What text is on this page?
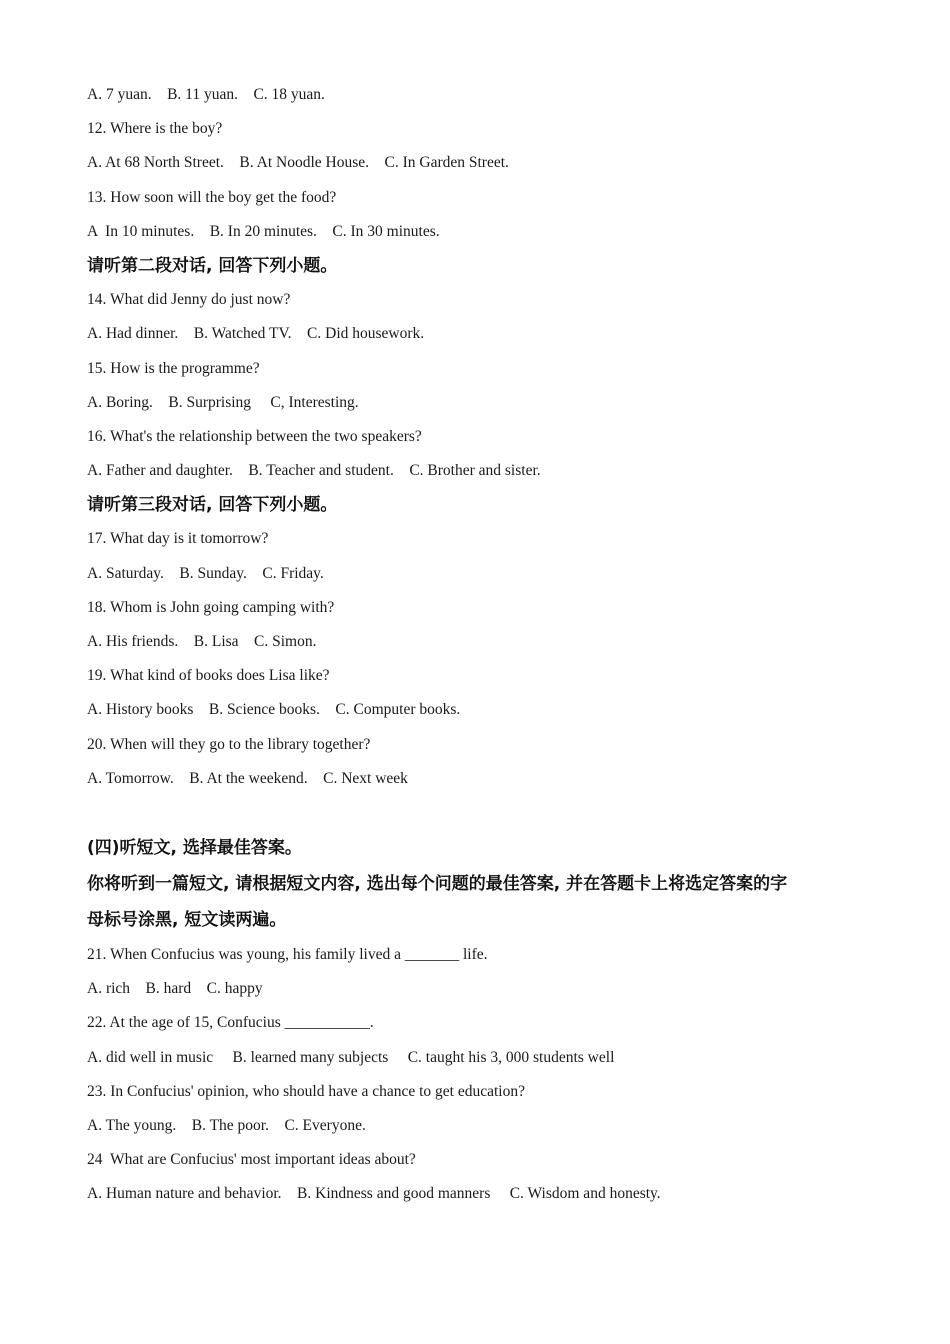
A. 7 yuan.    B. 11 yuan.    C. 18 yuan.
12. Where is the boy?
A. At 68 North Street.    B. At Noodle House.    C. In Garden Street.
13. How soon will the boy get the food?
A  In 10 minutes.    B. In 20 minutes.    C. In 30 minutes.
请听第二段对话, 回答下列小题。
14. What did Jenny do just now?
A. Had dinner.    B. Watched TV.    C. Did housework.
15. How is the programme?
A. Boring.    B. Surprising     C, Interesting.
16. What's the relationship between the two speakers?
A. Father and daughter.    B. Teacher and student.    C. Brother and sister.
请听第三段对话, 回答下列小题。
17. What day is it tomorrow?
A. Saturday.    B. Sunday.    C. Friday.
18. Whom is John going camping with?
A. His friends.    B. Lisa    C. Simon.
19. What kind of books does Lisa like?
A. History books    B. Science books.    C. Computer books.
20. When will they go to the library together?
A. Tomorrow.    B. At the weekend.    C. Next week
(四)听短文, 选择最佳答案。
你将听到一篇短文, 请根据短文内容, 选出每个问题的最佳答案, 并在答题卡上将选定答案的字
母标号涂黑, 短文读两遍。
21. When Confucius was young, his family lived a _______ life.
A. rich    B. hard    C. happy
22. At the age of 15, Confucius ___________.
A. did well in music     B. learned many subjects     C. taught his 3, 000 students well
23. In Confucius' opinion, who should have a chance to get education?
A. The young.    B. The poor.    C. Everyone.
24  What are Confucius' most important ideas about?
A. Human nature and behavior.    B. Kindness and good manners     C. Wisdom and honesty.
